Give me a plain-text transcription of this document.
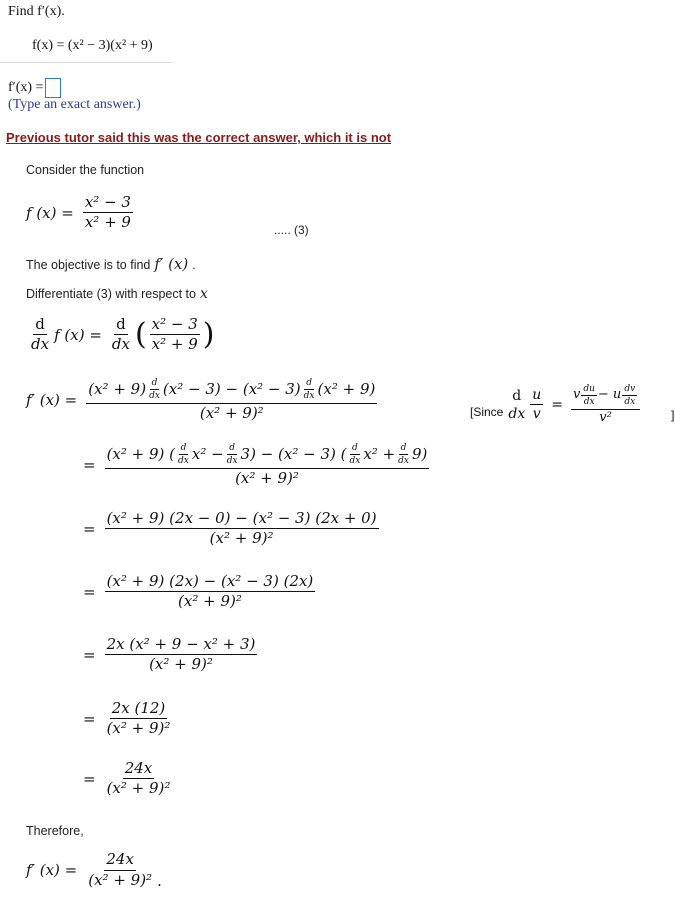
Find f′(x).
f(x) = (x² − 3)(x² + 9)
f′(x) =
(Type an exact answer.)
Previous tutor said this was the correct answer, which it is not
Consider the function
f $(x) = \frac{\text{x² − 3}}{\text{x² + 9}}$	..... (3)
The objective is to find f′ (x) .
Differentiate (3) with respect to x
$\frac{d}{dx}$ f $(x) = \frac{d}{dx}$ ( $\frac{\text{x² − 3}}{\text{x² + 9}}$ )
f′ (x) =
$(x^2 + 9) \frac{d}{dx} (x^2 - 3) - (x^2 - 3) \frac{d}{dx} (x^2 + 9)$
(x² + 9)²	[Since
d
dx $\frac{u}{v} = \frac{v \frac{du}{dx} - u \frac{dv}{dx}}{\text{v²}}$	]
=
(x² + 9) ( $\frac{d}{dx} x^2 - \frac{d}{dx} 3) - (x^2 - 3)$ ( $\frac{d}{dx} x^2 + \frac{d}{dx} 9$)
(x² + 9)²
= $\frac{\text{(x² + 9) (2x − 0) − (x² − 3) (2x + 0)}}{\text{(x² + 9)²}}$
= $\frac{\text{(x² + 9) (2x) − (x² − 3) (2x)}}{\text{(x² + 9)²}}$
= $\frac{\text{2x (x² + 9 − x² + 3)}}{\text{(x² + 9)²}}$
= $\frac{2x (12)}{\text{(x² + 9)²}}$
= $\frac{24x}{\text{(x² + 9)²}}$
Therefore,
f′ $(x) = \frac{24x}{\text{(x² + 9)²}}$ .
